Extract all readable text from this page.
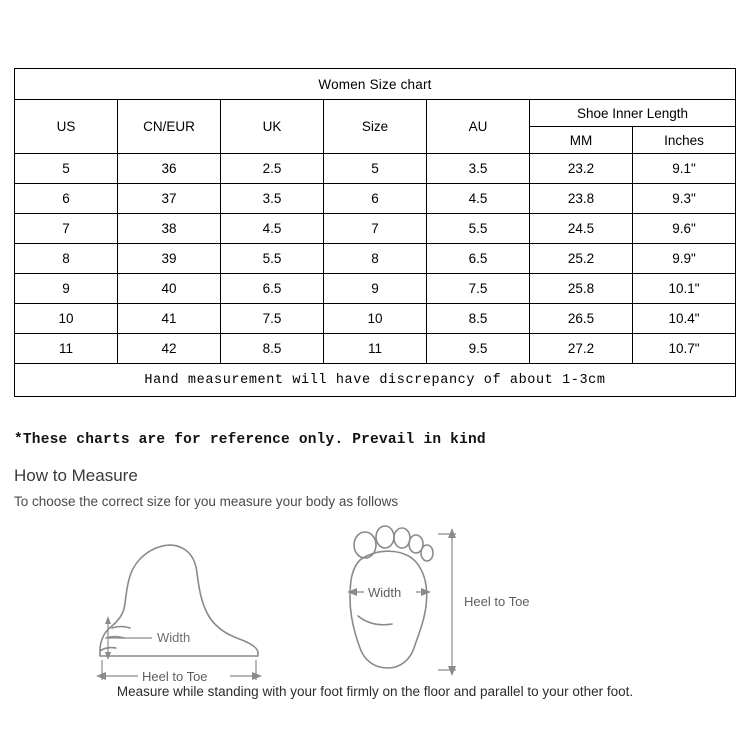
Women Size chart						
US	CN/EUR	UK	Size	AU	Shoe Inner Length	
					MM	Inches
5	36	2.5	5	3.5	23.2	9.1"
6	37	3.5	6	4.5	23.8	9.3"
7	38	4.5	7	5.5	24.5	9.6"
8	39	5.5	8	6.5	25.2	9.9"
9	40	6.5	9	7.5	25.8	10.1"
10	41	7.5	10	8.5	26.5	10.4"
11	42	8.5	11	9.5	27.2	10.7"
Hand measurement will have discrepancy of about 1-3cm						
*These charts are for reference only. Prevail in kind
How to Measure
To choose the correct size for you measure your body as follows
Width
Heel to Toe
Width
Heel to Toe
Measure while standing with your foot firmly on the floor and parallel to your other foot.
